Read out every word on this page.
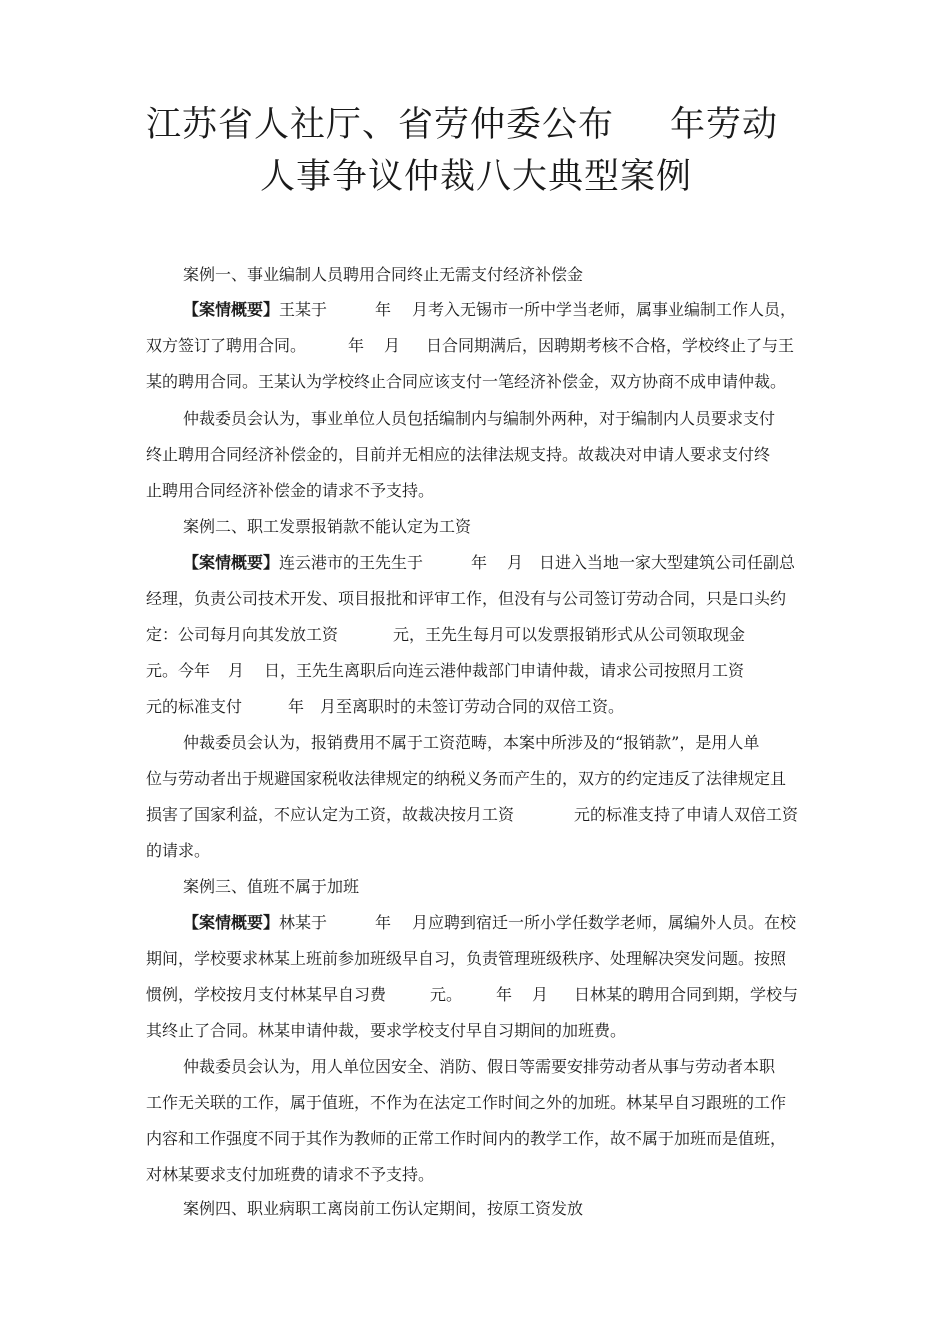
江苏省人社厅、省劳仲委公布 年劳动
人事争议仲裁八大典型案例
案例一、事业编制人员聘用合同终止无需支付经济补偿金
【案情概要】 王某于	年 月考入无锡市一所中学当老师，属事业编制工作人员，
双方签订了聘用合同。	年 月 日合同期满后，因聘期考核不合格，学校终止了与王
某的聘用合同。王某认为学校终止合同应该支付一笔经济补偿金，双方协商不成申请仲裁。
仲裁委员会认为，事业单位人员包括编制内与编制外两种，对于编制内人员要求支付
终止聘用合同经济补偿金的，目前并无相应的法律法规支持。故裁决对申请人要求支付终
止聘用合同经济补偿金的请求不予支持。
案例二、职工发票报销款不能认定为工资
【案情概要】 连云港市的王先生于	年 月 日进入当地一家大型建筑公司任副总
经理，负责公司技术开发、项目报批和评审工作，但没有与公司签订劳动合同，只是口头约
定：公司每月向其发放工资	元，王先生每月可以发票报销形式从公司领取现金
元。今年 月 日，王先生离职后向连云港仲裁部门申请仲裁，请求公司按照月工资
元的标准支付	年 月至离职时的未签订劳动合同的双倍工资。
仲裁委员会认为，报销费用不属于工资范畴，本案中所涉及的“报销款”，是用人单
位与劳动者出于规避国家税收法律规定的纳税义务而产生的，双方的约定违反了法律规定且
损害了国家利益，不应认定为工资，故裁决按月工资	元的标准支持了申请人双倍工资
的请求。
案例三、值班不属于加班
【案情概要】 林某于	年 月应聘到宿迁一所小学任数学老师，属编外人员。在校
期间，学校要求林某上班前参加班级早自习，负责管理班级秩序、处理解决突发问题。按照
惯例，学校按月支付林某早自习费	元。 年 月 日林某的聘用合同到期，学校与
其终止了合同。林某申请仲裁，要求学校支付早自习期间的加班费。
仲裁委员会认为，用人单位因安全、消防、假日等需要安排劳动者从事与劳动者本职
工作无关联的工作，属于值班，不作为在法定工作时间之外的加班。林某早自习跟班的工作
内容和工作强度不同于其作为教师的正常工作时间内的教学工作，故不属于加班而是值班，
对林某要求支付加班费的请求不予支持。
案例四、职业病职工离岗前工伤认定期间，按原工资发放
